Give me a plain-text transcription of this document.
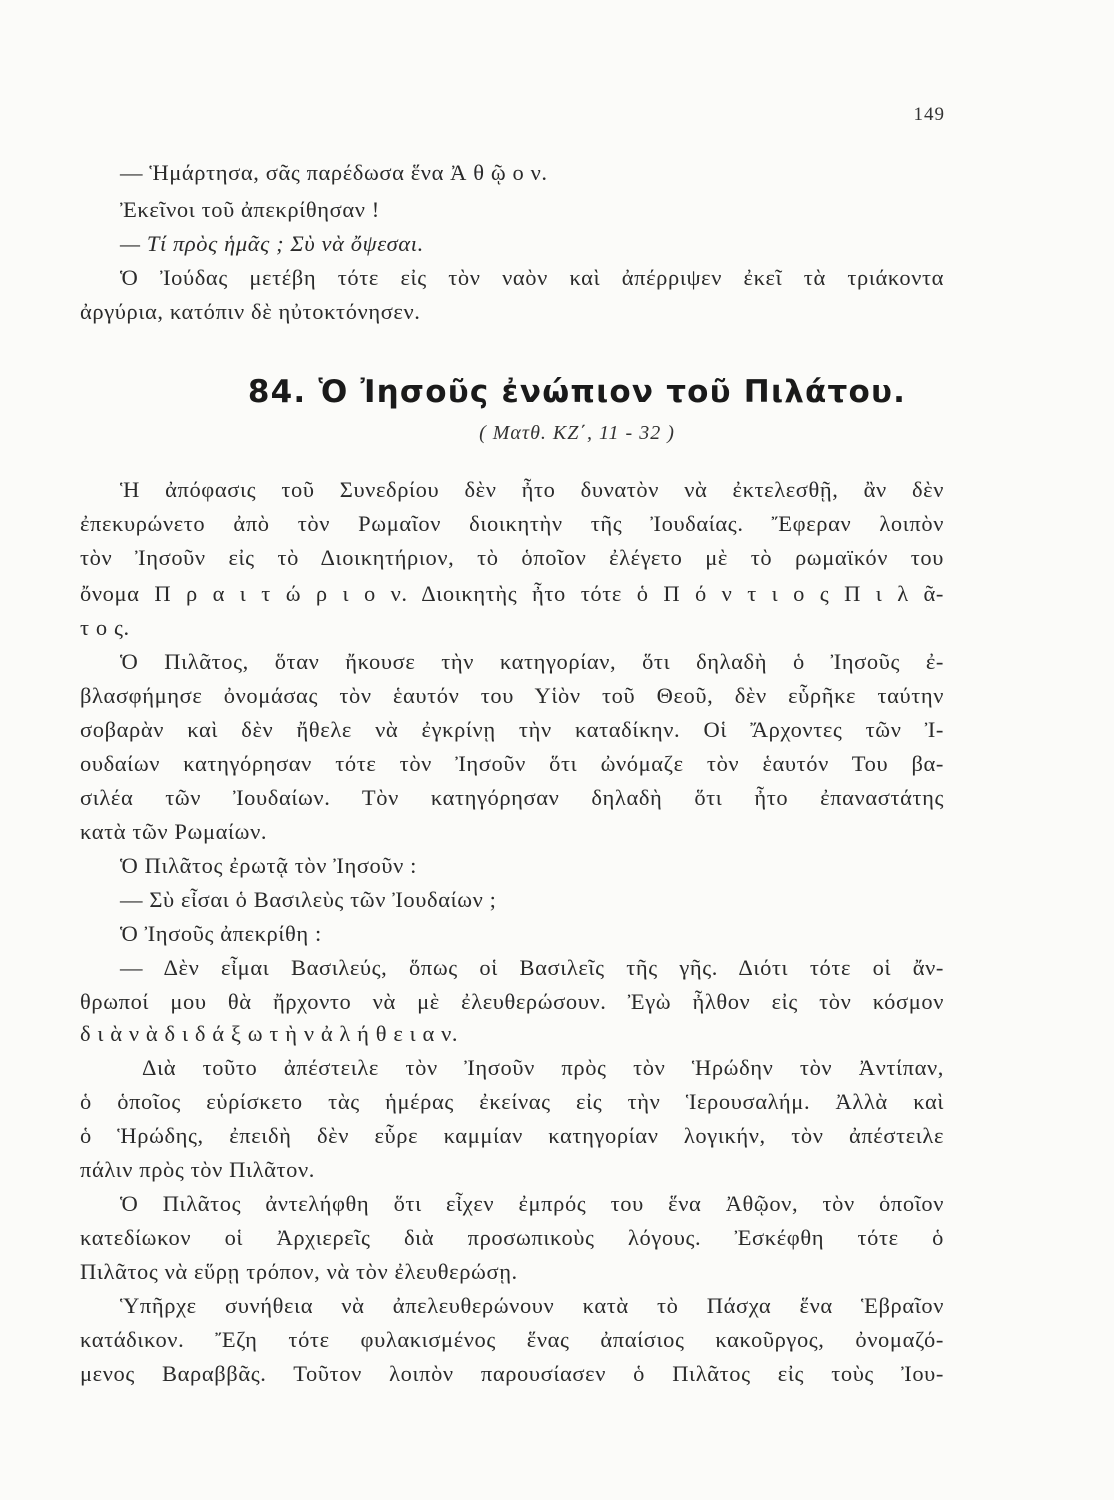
149
— Ἡμάρτησα, σᾶς παρέδωσα ἕνα Ἀ θ ῷ ο ν.
Ἐκεῖνοι τοῦ ἀπεκρίθησαν !
— Τί πρὸς ἡμᾶς ; Σὺ νὰ ὄψεσαι.
Ὁ Ἰούδας μετέβη τότε εἰς τὸν ναὸν καὶ ἀπέρριψεν ἐκεῖ τὰ τριάκοντα
ἀργύρια, κατόπιν δὲ ηὐτοκτόνησεν.
84. Ὁ Ἰησοῦς ἐνώπιον τοῦ Πιλάτου.
( Ματθ. ΚΖ΄, 11 - 32 )
Ἡ ἀπόφασις τοῦ Συνεδρίου δὲν ἦτο δυνατὸν νὰ ἐκτελεσθῇ, ἂν δὲν
ἐπεκυρώνετο ἀπὸ τὸν Ρωμαῖον διοικητὴν τῆς Ἰουδαίας. Ἔφεραν λοιπὸν
τὸν Ἰησοῦν εἰς τὸ Διοικητήριον, τὸ ὁποῖον ἐλέγετο μὲ τὸ ρωμαϊκόν του
ὄνομα Π ρ α ι τ ώ ρ ι ο ν. Διοικητὴς ἦτο τότε ὁ Π ό ν τ ι ο ς Π ι λ ᾶ-
τ ο ς.
Ὁ Πιλᾶτος, ὅταν ἤκουσε τὴν κατηγορίαν, ὅτι δηλαδὴ ὁ Ἰησοῦς ἐ-
βλασφήμησε ὀνομάσας τὸν ἑαυτόν του Υἱὸν τοῦ Θεοῦ, δὲν εὗρῆκε ταύτην
σοβαρὰν καὶ δὲν ἤθελε νὰ ἐγκρίνῃ τὴν καταδίκην. Οἱ Ἄρχοντες τῶν Ἰ-
ουδαίων κατηγόρησαν τότε τὸν Ἰησοῦν ὅτι ὠνόμαζε τὸν ἑαυτόν Του βα-
σιλέα τῶν Ἰουδαίων. Τὸν κατηγόρησαν δηλαδὴ ὅτι ἦτο ἐπαναστάτης
κατὰ τῶν Ρωμαίων.
Ὁ Πιλᾶτος ἐρωτᾷ τὸν Ἰησοῦν :
— Σὺ εἶσαι ὁ Βασιλεὺς τῶν Ἰουδαίων ;
Ὁ Ἰησοῦς ἀπεκρίθη :
— Δὲν εἶμαι Βασιλεύς, ὅπως οἱ Βασιλεῖς τῆς γῆς. Διότι τότε οἱ ἄν-
θρωποί μου θὰ ἤρχοντο νὰ μὲ ἐλευθερώσουν. Ἐγὼ ἦλθον εἰς τὸν κόσμον
δ ι ὰ ν ὰ δ ι δ ά ξ ω τ ὴ ν ἀ λ ή θ ε ι α ν.
Διὰ τοῦτο ἀπέστειλε τὸν Ἰησοῦν πρὸς τὸν Ἡρώδην τὸν Ἀντίπαν,
ὁ ὁποῖος εὑρίσκετο τὰς ἡμέρας ἐκείνας εἰς τὴν Ἱερουσαλήμ. Ἀλλὰ καὶ
ὁ Ἡρώδης, ἐπειδὴ δὲν εὗρε καμμίαν κατηγορίαν λογικήν, τὸν ἀπέστειλε
πάλιν πρὸς τὸν Πιλᾶτον.
Ὁ Πιλᾶτος ἀντελήφθη ὅτι εἶχεν ἐμπρός του ἕνα Ἀθῷον, τὸν ὁποῖον
κατεδίωκον οἱ Ἀρχιερεῖς διὰ προσωπικοὺς λόγους. Ἐσκέφθη τότε ὁ
Πιλᾶτος νὰ εὕρῃ τρόπον, νὰ τὸν ἐλευθερώσῃ.
Ὑπῆρχε συνήθεια νὰ ἀπελευθερώνουν κατὰ τὸ Πάσχα ἕνα Ἑβραῖον
κατάδικον. Ἔζη τότε φυλακισμένος ἕνας ἀπαίσιος κακοῦργος, ὀνομαζό-
μενος Βαραββᾶς. Τοῦτον λοιπὸν παρουσίασεν ὁ Πιλᾶτος εἰς τοὺς Ἰου-
